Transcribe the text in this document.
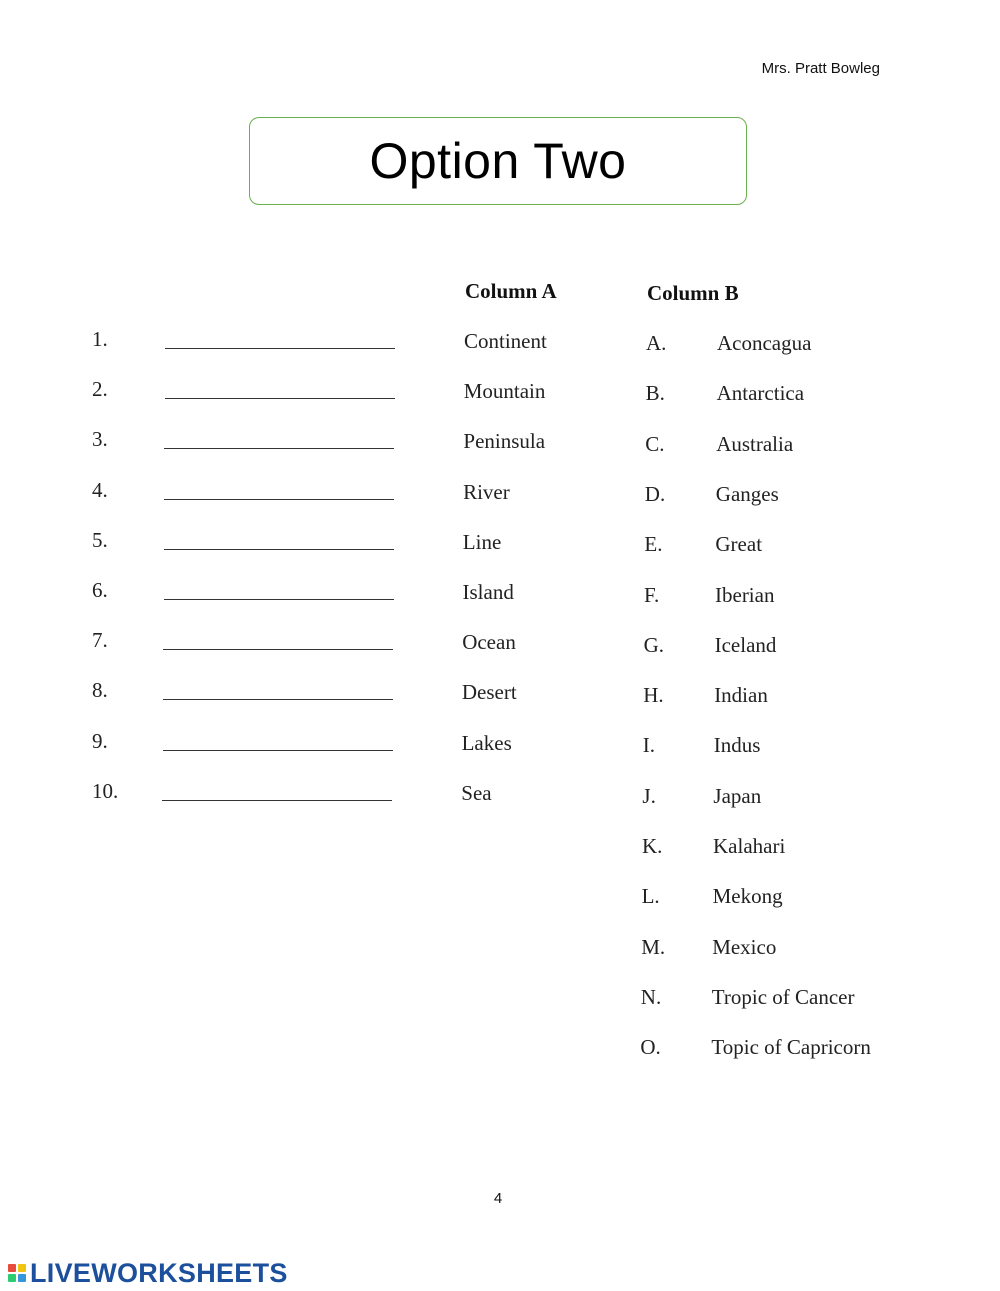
Mrs. Pratt Bowleg
Option Two
Column A	Column B
1.	Continent
2.	Mountain
3.	Peninsula
4.	River
5.	Line
6.	Island
7.	Ocean
8.	Desert
9.	Lakes
10.	Sea
A. Aconcagua
B. Antarctica
C. Australia
D. Ganges
E.	Great
F.	Iberian
G. Iceland
H. Indian
I.	Indus
J.	Japan
K. Kalahari
L.	Mekong
M. Mexico
N. Tropic of Cancer
O. Topic of Capricorn
4
LIVEWORKSHEETS
